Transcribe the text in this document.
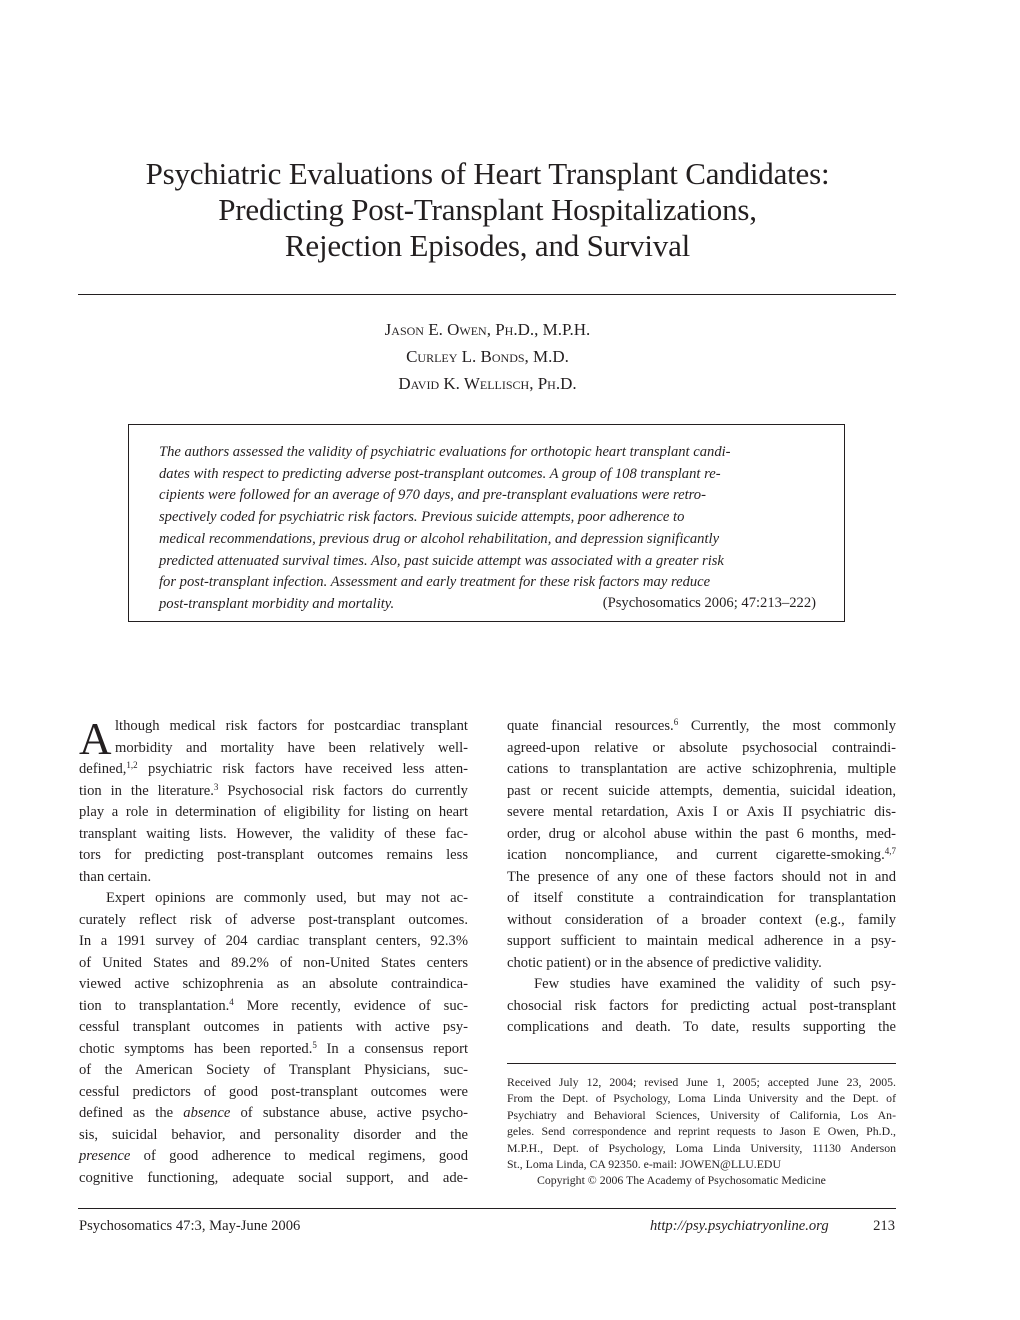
Psychiatric Evaluations of Heart Transplant Candidates:
Predicting Post-Transplant Hospitalizations,
Rejection Episodes, and Survival
Jason E. Owen, Ph.D., M.P.H.
Curley L. Bonds, M.D.
David K. Wellisch, Ph.D.
The authors assessed the validity of psychiatric evaluations for orthotopic heart transplant candi-
dates with respect to predicting adverse post-transplant outcomes. A group of 108 transplant re-
cipients were followed for an average of 970 days, and pre-transplant evaluations were retro-
spectively coded for psychiatric risk factors. Previous suicide attempts, poor adherence to
medical recommendations, previous drug or alcohol rehabilitation, and depression significantly
predicted attenuated survival times. Also, past suicide attempt was associated with a greater risk
for post-transplant infection. Assessment and early treatment for these risk factors may reduce
post-transplant morbidity and mortality.	(Psychosomatics 2006; 47:213–222)
A lthough medical risk factors for postcardiac transplant
morbidity and mortality have been relatively well-
defined,$^{1,2}$ psychiatric risk factors have received less atten-
tion in the literature.$^3$ Psychosocial risk factors do currently
play a role in determination of eligibility for listing on heart
transplant waiting lists. However, the validity of these fac-
tors for predicting post-transplant outcomes remains less
than certain.
Expert opinions are commonly used, but may not ac-
curately reflect risk of adverse post-transplant outcomes.
In a 1991 survey of 204 cardiac transplant centers, 92.3%
of United States and 89.2% of non-United States centers
viewed active schizophrenia as an absolute contraindica-
tion to transplantation.$^4$ More recently, evidence of suc-
cessful transplant outcomes in patients with active psy-
chotic symptoms has been reported.$^5$ In a consensus report
of the American Society of Transplant Physicians, suc-
cessful predictors of good post-transplant outcomes were
defined as the absence of substance abuse, active psycho-
sis, suicidal behavior, and personality disorder and the
presence of good adherence to medical regimens, good
cognitive functioning, adequate social support, and ade-
quate financial resources.$^6$ Currently, the most commonly
agreed-upon relative or absolute psychosocial contraindi-
cations to transplantation are active schizophrenia, multiple
past or recent suicide attempts, dementia, suicidal ideation,
severe mental retardation, Axis I or Axis II psychiatric dis-
order, drug or alcohol abuse within the past 6 months, med-
ication noncompliance, and current cigarette-smoking.$^{4,7}$
The presence of any one of these factors should not in and
of itself constitute a contraindication for transplantation
without consideration of a broader context (e.g., family
support sufficient to maintain medical adherence in a psy-
chotic patient) or in the absence of predictive validity.
Few studies have examined the validity of such psy-
chosocial risk factors for predicting actual post-transplant
complications and death. To date, results supporting the
Received July 12, 2004; revised June 1, 2005; accepted June 23, 2005.
From the Dept. of Psychology, Loma Linda University and the Dept. of
Psychiatry and Behavioral Sciences, University of California, Los An-
geles. Send correspondence and reprint requests to Jason E Owen, Ph.D.,
M.P.H., Dept. of Psychology, Loma Linda University, 11130 Anderson
St., Loma Linda, CA 92350. e-mail: JOWEN@LLU.EDU
Copyright © 2006 The Academy of Psychosomatic Medicine
Psychosomatics 47:3, May-June 2006	http://psy.psychiatryonline.org	213
